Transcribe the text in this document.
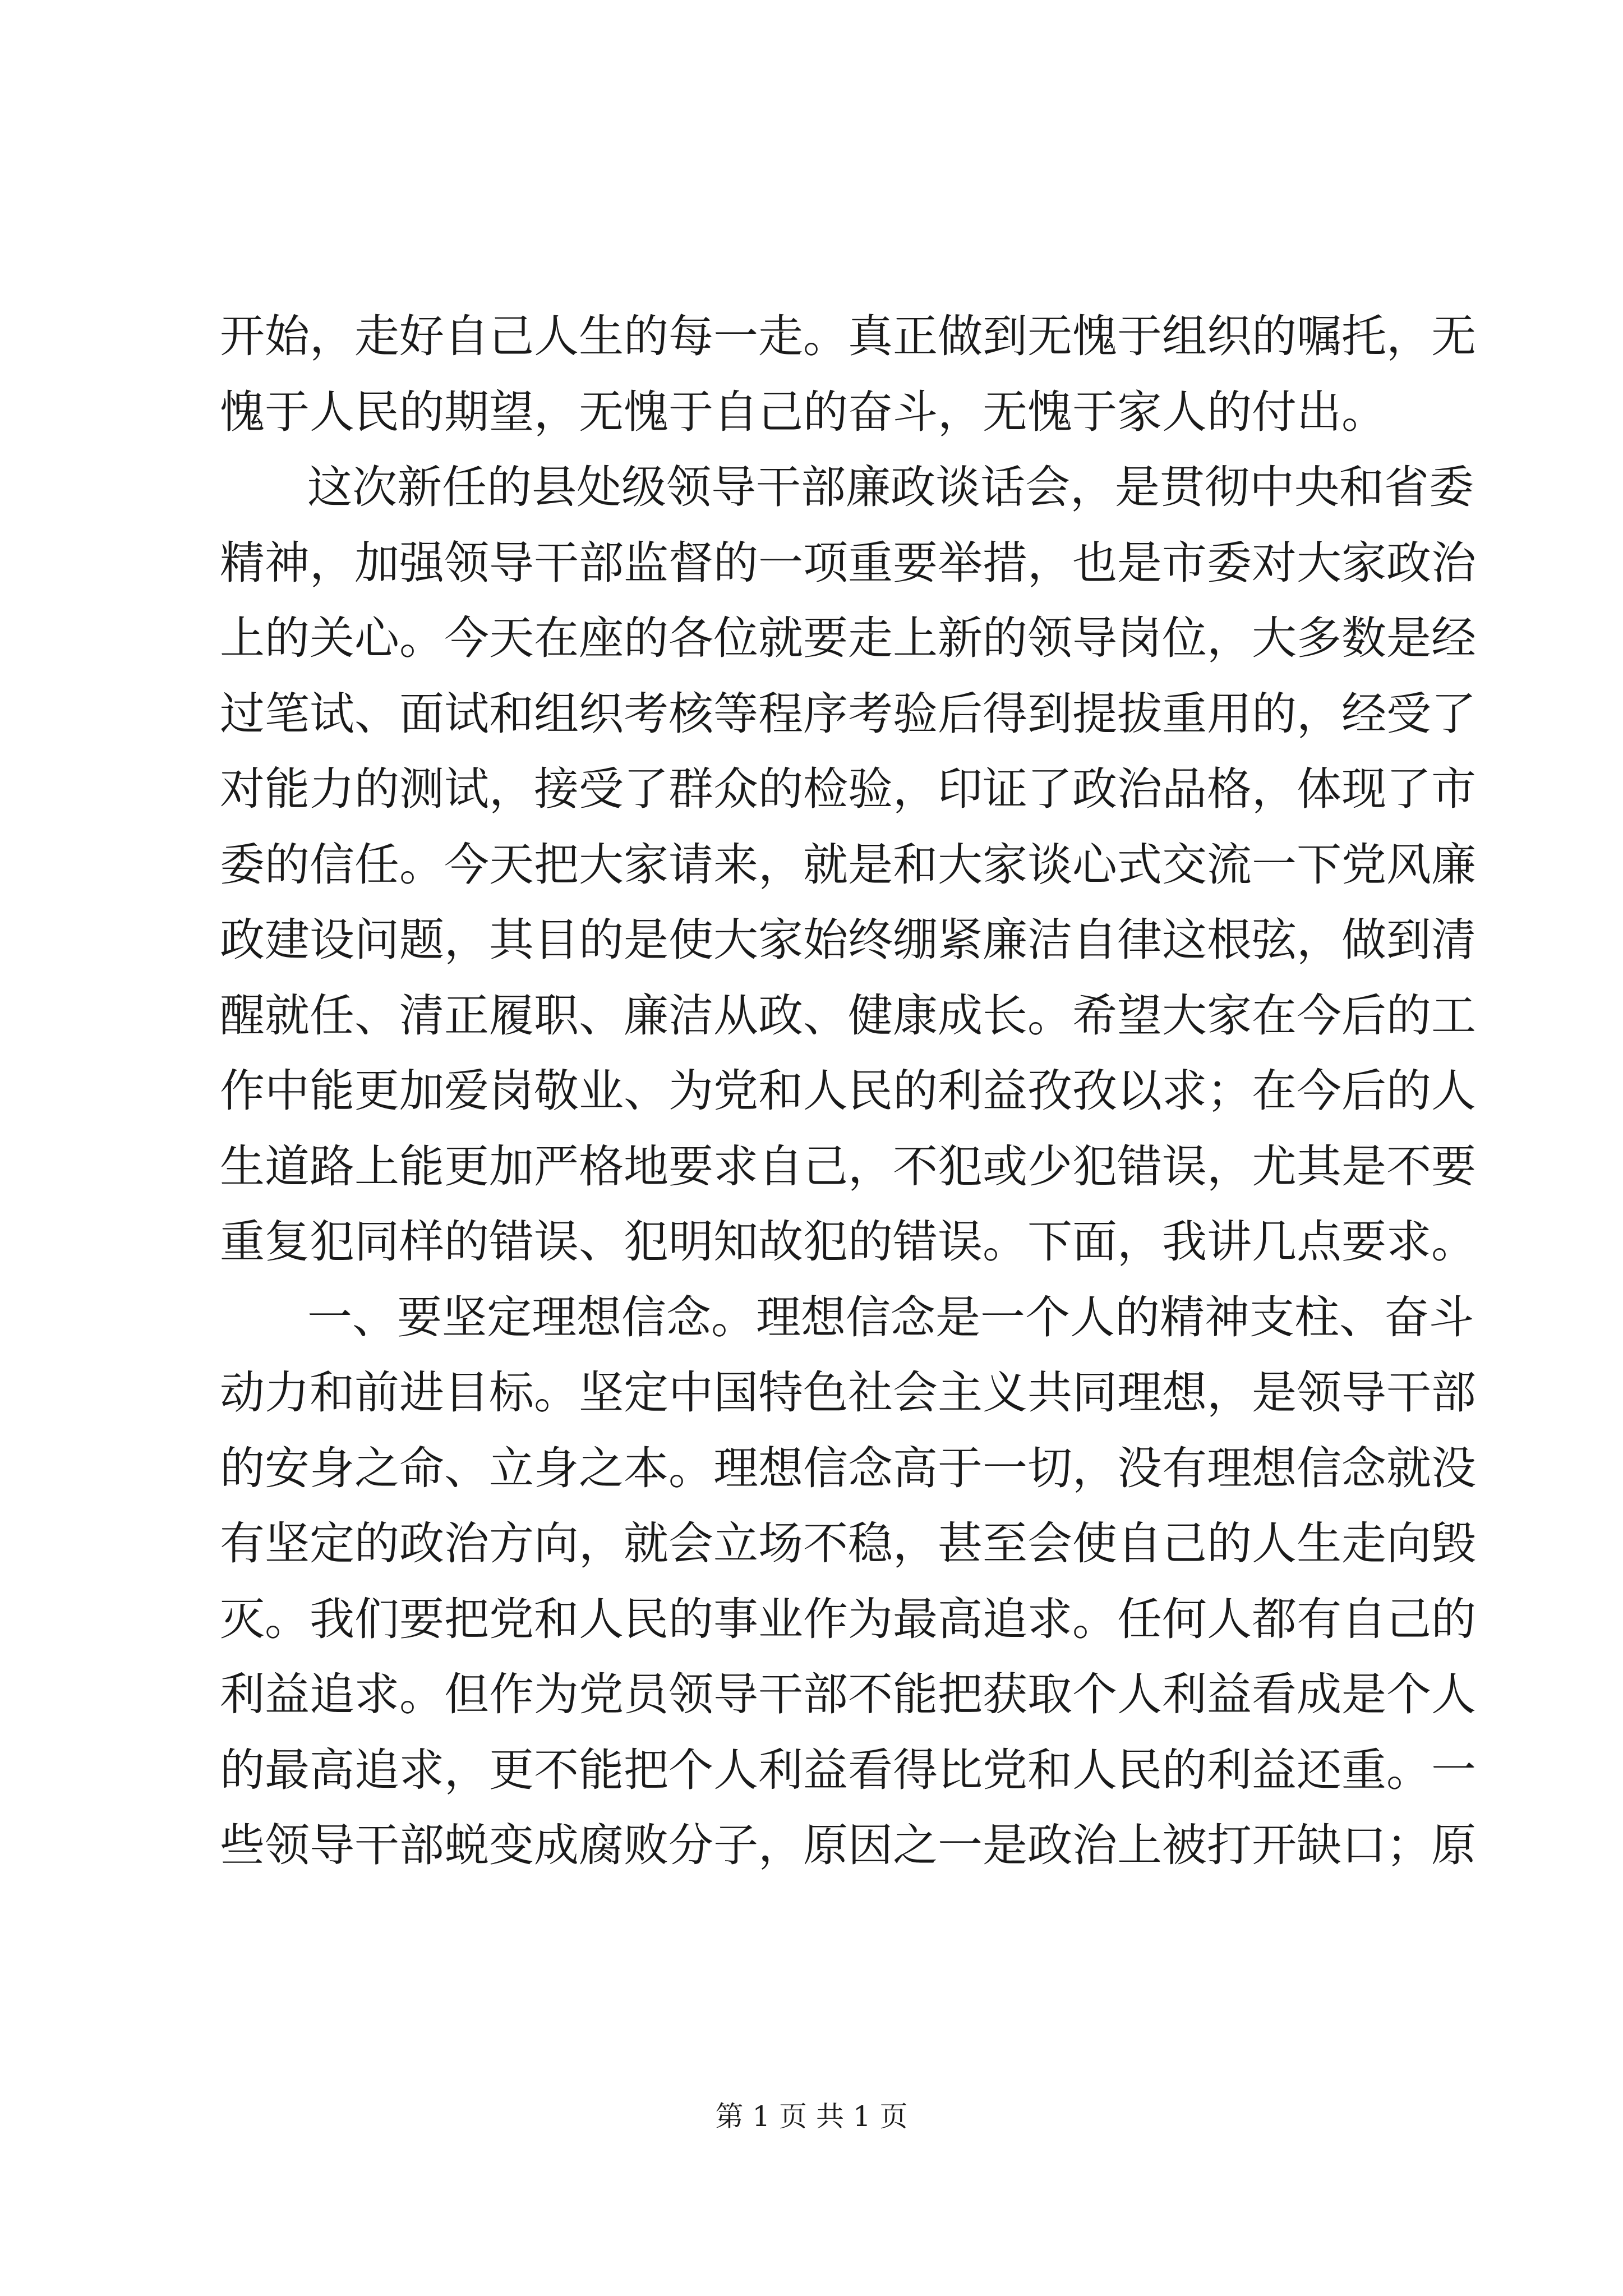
开始，走好自己人生的每一走。真正做到无愧于组织的嘱托，无
愧于人民的期望，无愧于自己的奋斗，无愧于家人的付出。
这次新任的县处级领导干部廉政谈话会，是贯彻中央和省委
精神，加强领导干部监督的一项重要举措，也是市委对大家政治
上的关心。今天在座的各位就要走上新的领导岗位，大多数是经
过笔试、面试和组织考核等程序考验后得到提拔重用的，经受了
对能力的测试，接受了群众的检验，印证了政治品格，体现了市
委的信任。今天把大家请来，就是和大家谈心式交流一下党风廉
政建设问题，其目的是使大家始终绷紧廉洁自律这根弦，做到清
醒就任、清正履职、廉洁从政、健康成长。希望大家在今后的工
作中能更加爱岗敬业、为党和人民的利益孜孜以求；在今后的人
生道路上能更加严格地要求自己，不犯或少犯错误，尤其是不要
重复犯同样的错误、犯明知故犯的错误。下面，我讲几点要求。
一、要坚定理想信念。理想信念是一个人的精神支柱、奋斗
动力和前进目标。坚定中国特色社会主义共同理想，是领导干部
的安身之命、立身之本。理想信念高于一切，没有理想信念就没
有坚定的政治方向，就会立场不稳，甚至会使自己的人生走向毁
灭。我们要把党和人民的事业作为最高追求。任何人都有自己的
利益追求。但作为党员领导干部不能把获取个人利益看成是个人
的最高追求，更不能把个人利益看得比党和人民的利益还重。一
些领导干部蜕变成腐败分子，原因之一是政治上被打开缺口；原
第 1 页 共 1 页
